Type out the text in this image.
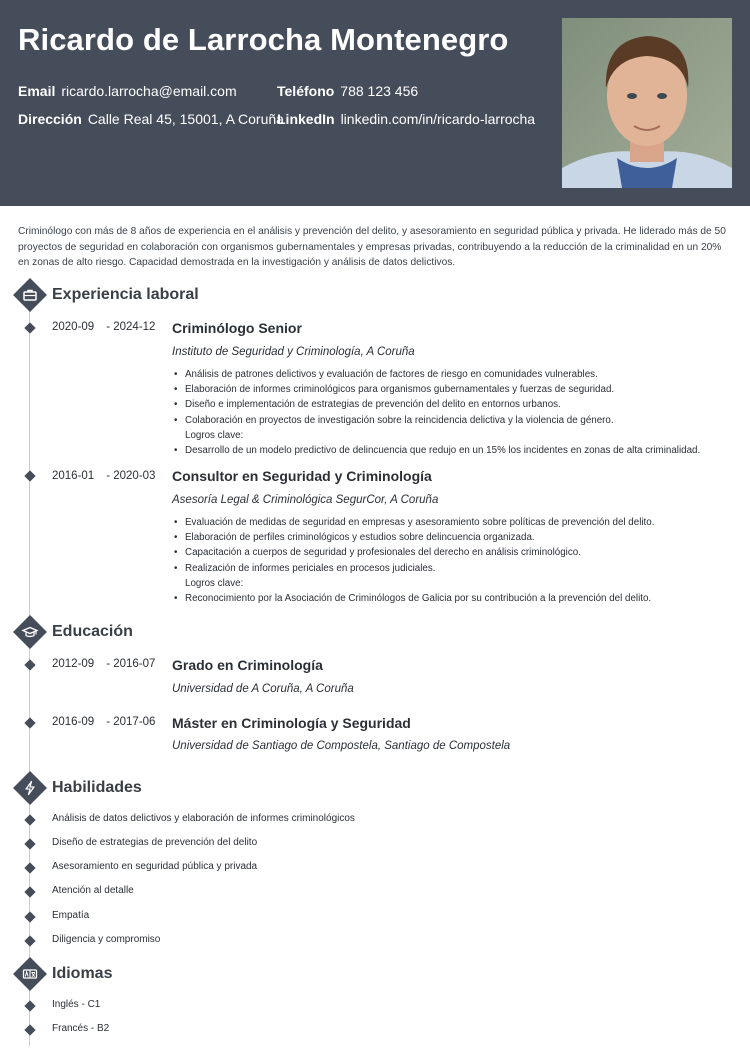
Ricardo de Larrocha Montenegro
Email ricardo.larrocha@email.com	Teléfono 788 123 456
Dirección Calle Real 45, 15001, A Coruña
LinkedIn linkedin.com/in/ricardo-larrocha
Criminólogo con más de 8 años de experiencia en el análisis y prevención del delito, y asesoramiento en seguridad pública y privada. He liderado más de 50 proyectos de seguridad en colaboración con organismos gubernamentales y empresas privadas, contribuyendo a la reducción de la criminalidad en un 20% en zonas de alto riesgo. Capacidad demostrada en la investigación y análisis de datos delictivos.
Experiencia laboral
2020-09 - 2024-12 Criminólogo Senior
Instituto de Seguridad y Criminología, A Coruña
• Análisis de patrones delictivos y evaluación de factores de riesgo en comunidades vulnerables.
• Elaboración de informes criminológicos para organismos gubernamentales y fuerzas de seguridad.
• Diseño e implementación de estrategias de prevención del delito en entornos urbanos.
• Colaboración en proyectos de investigación sobre la reincidencia delictiva y la violencia de género.
Logros clave:
• Desarrollo de un modelo predictivo de delincuencia que redujo en un 15% los incidentes en zonas de alta criminalidad.
2016-01 - 2020-03 Consultor en Seguridad y Criminología
Asesoría Legal & Criminológica SegurCor, A Coruña
• Evaluación de medidas de seguridad en empresas y asesoramiento sobre políticas de prevención del delito.
• Elaboración de perfiles criminológicos y estudios sobre delincuencia organizada.
• Capacitación a cuerpos de seguridad y profesionales del derecho en análisis criminológico.
• Realización de informes periciales en procesos judiciales.
Logros clave:
• Reconocimiento por la Asociación de Criminólogos de Galicia por su contribución a la prevención del delito.
Educación
2012-09 - 2016-07 Grado en Criminología
Universidad de A Coruña, A Coruña
2016-09 - 2017-06 Máster en Criminología y Seguridad
Universidad de Santiago de Compostela, Santiago de Compostela
Habilidades
Análisis de datos delictivos y elaboración de informes criminológicos
Diseño de estrategias de prevención del delito
Asesoramiento en seguridad pública y privada
Atención al detalle
Empatía
Diligencia y compromiso
Idiomas
Inglés - C1
Francés - B2
